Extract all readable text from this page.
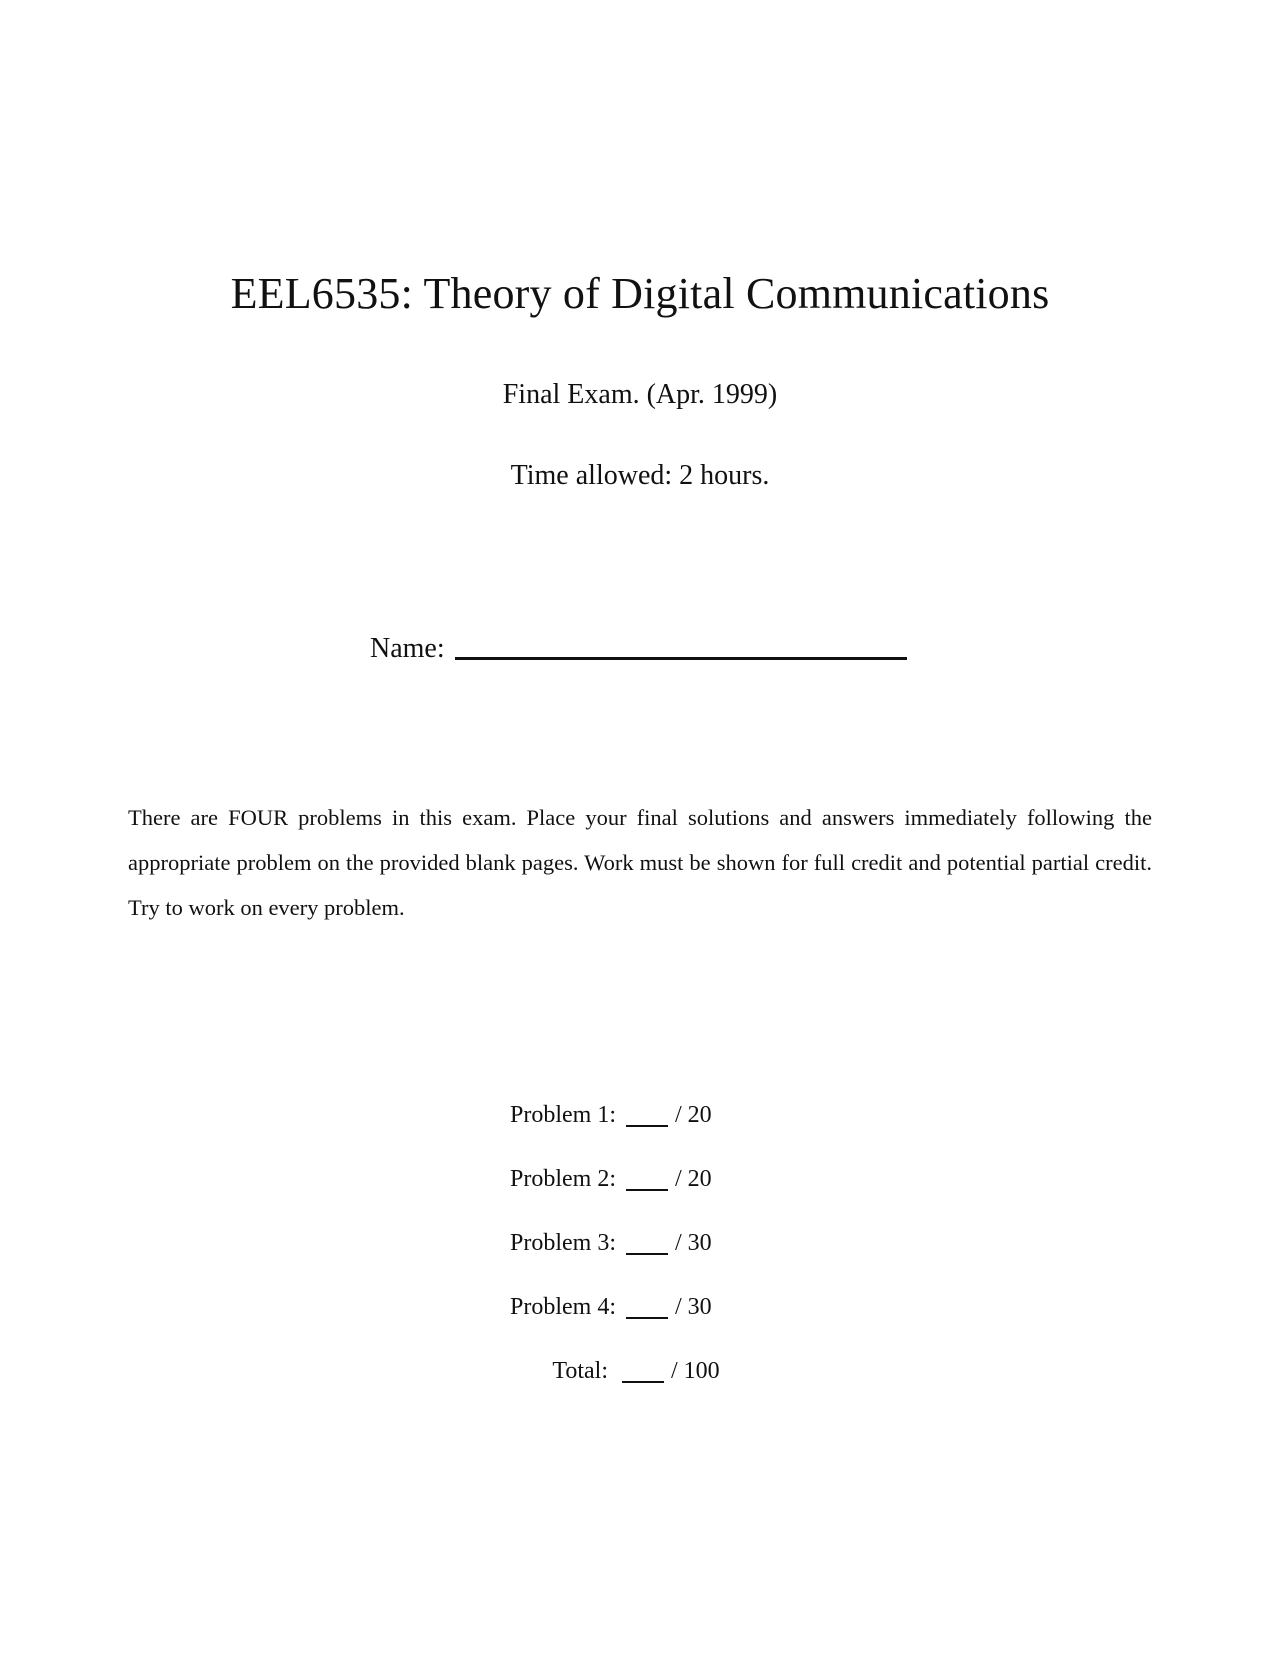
EEL6535: Theory of Digital Communications
Final Exam. (Apr. 1999)
Time allowed: 2 hours.
Name:
There are FOUR problems in this exam. Place your final solutions and answers immediately following the appropriate problem on the provided blank pages. Work must be shown for full credit and potential partial credit. Try to work on every problem.
Problem 1: / 20
Problem 2: / 20
Problem 3: / 30
Problem 4: / 30
Total:	/ 100
